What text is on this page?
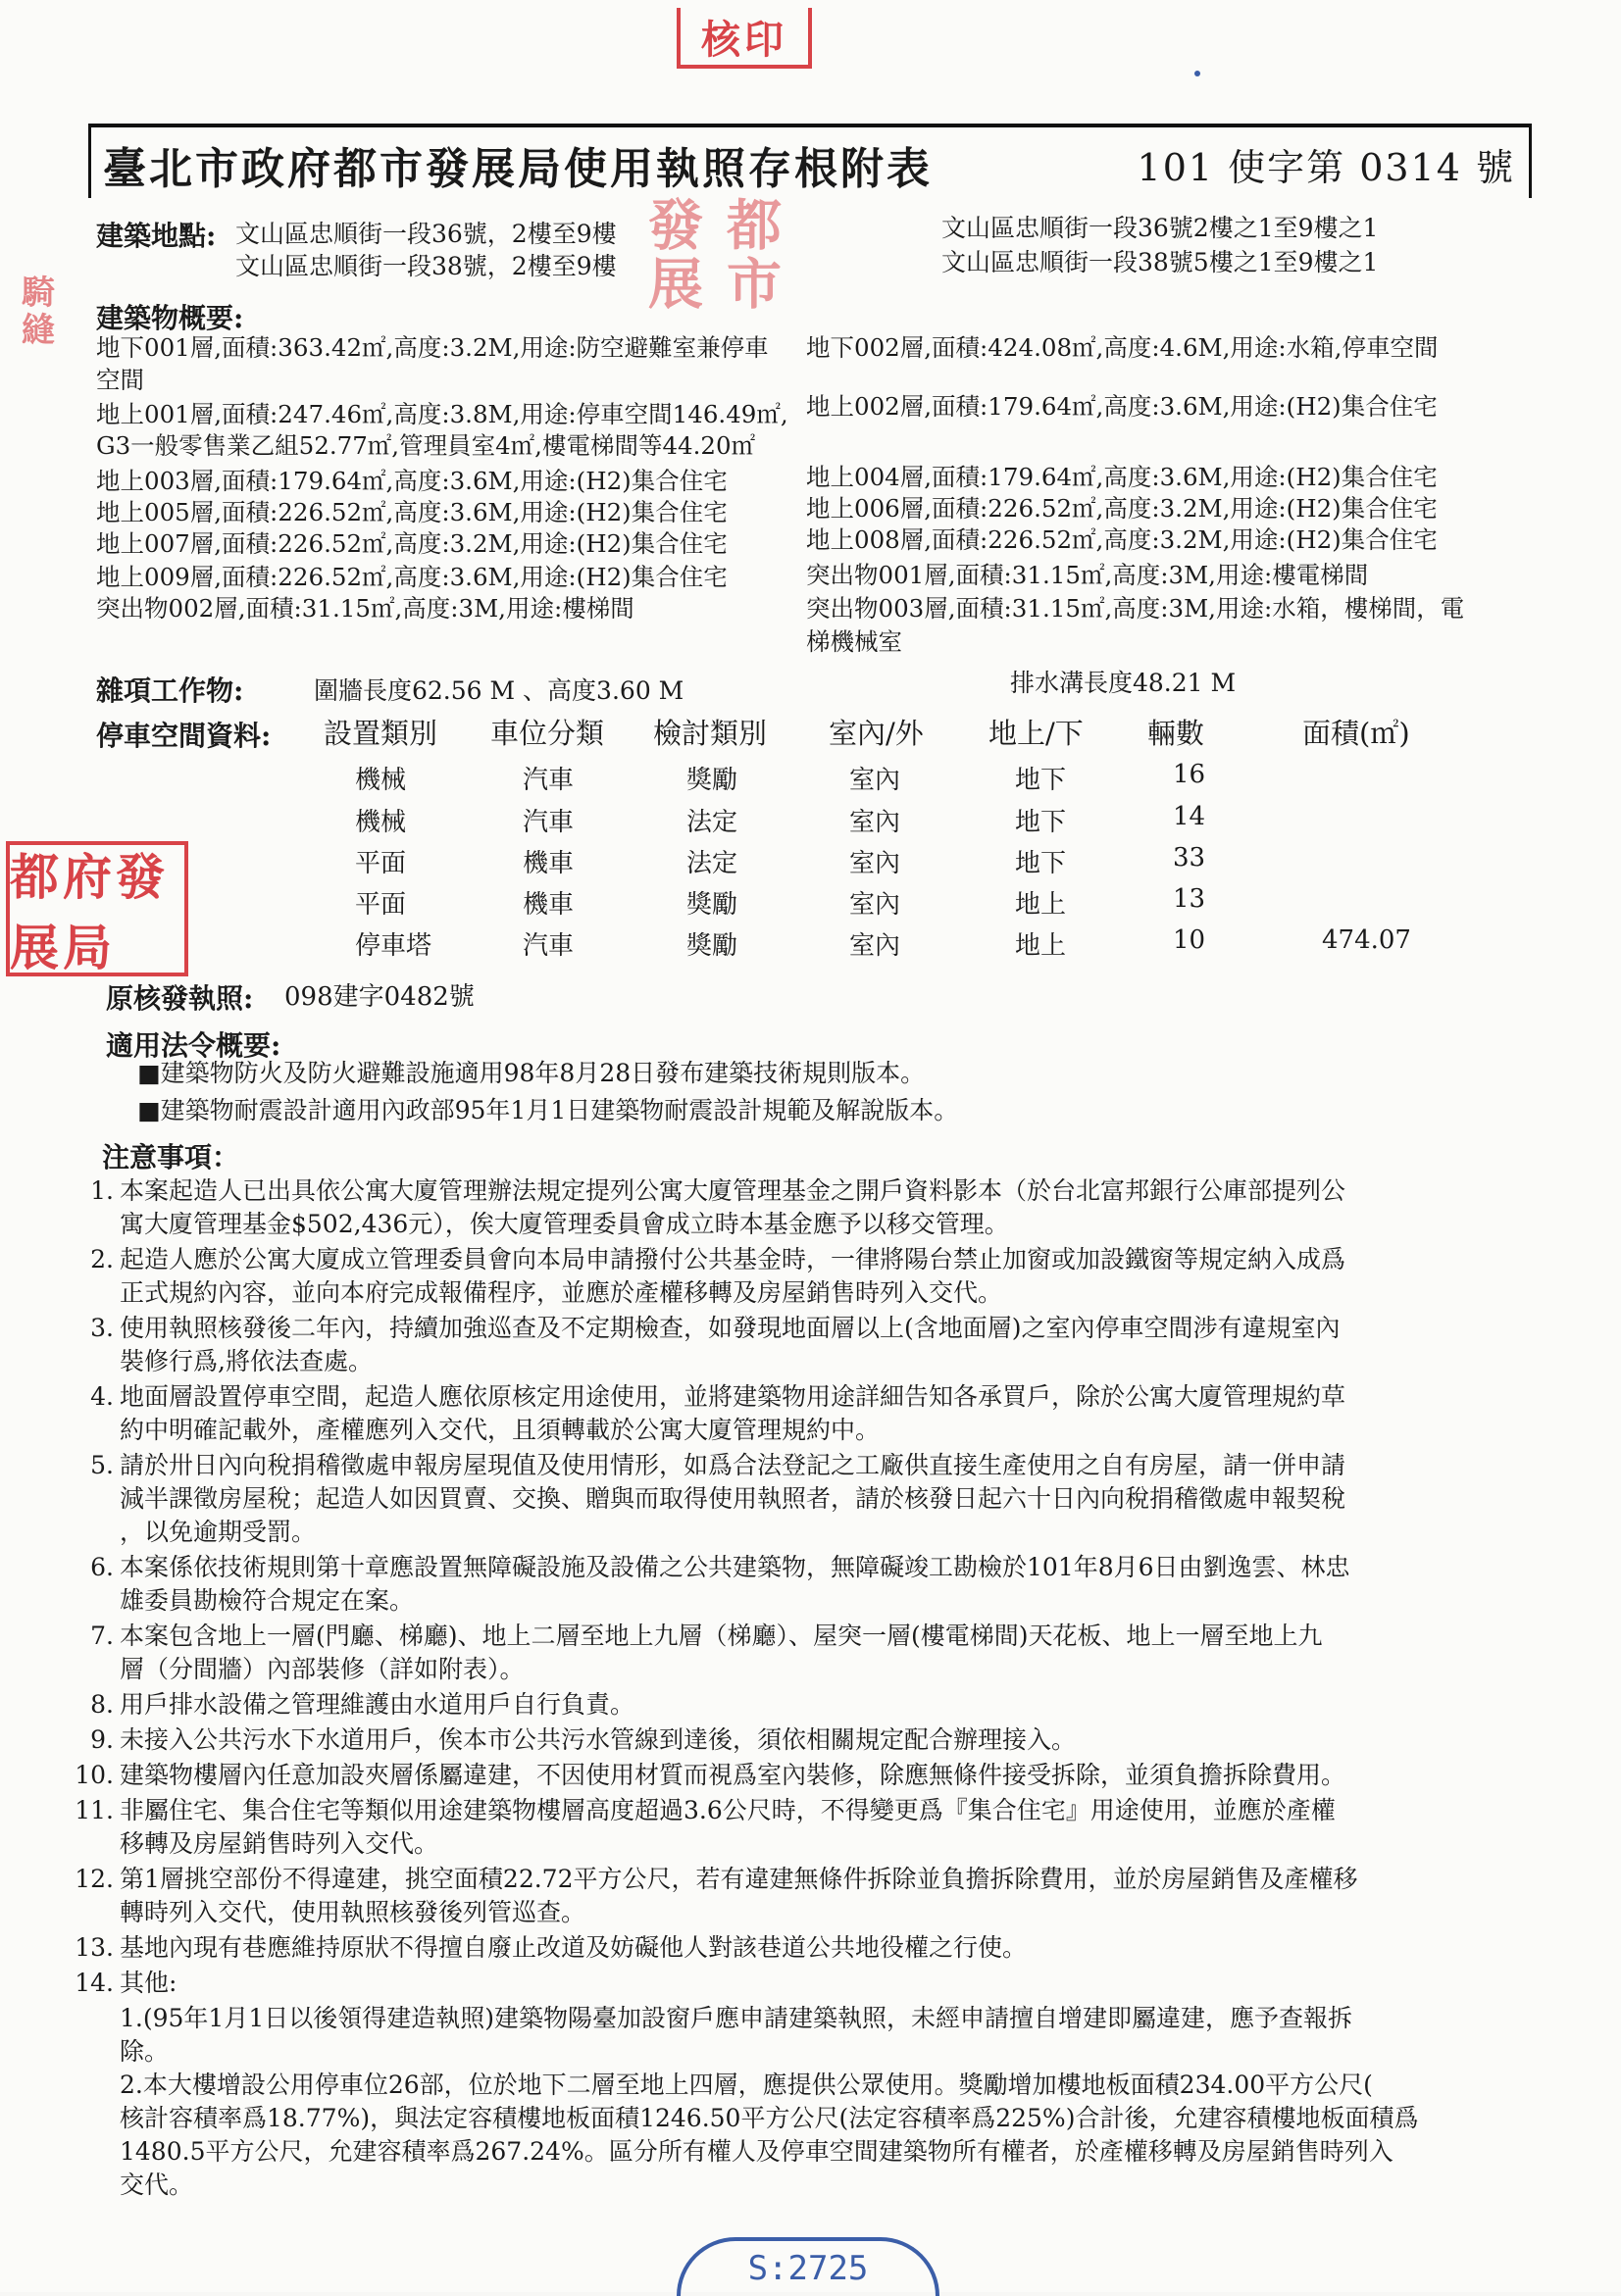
核印
都市發展
都府發展局
騎縫
S:2725
臺北市政府都市發展局使用執照存根附表	101 使字第 0314 號
建築地點: 文山區忠順街一段36號，2樓至9樓
文山區忠順街一段38號，2樓至9樓
文山區忠順街一段36號2樓之1至9樓之1
文山區忠順街一段38號5樓之1至9樓之1
建築物概要:
雜項工作物:	圍牆長度62.56 M 、高度3.60 M	排水溝長度48.21 M
停車空間資料:
原核發執照: 098建字0482號
適用法令概要:
■建築物防火及防火避難設施適用98年8月28日發布建築技術規則版本。
■建築物耐震設計適用內政部95年1月1日建築物耐震設計規範及解說版本。
注意事項：
1. 本案起造人已出具依公寓大廈管理辦法規定提列公寓大廈管理基金之開戶資料影本（於台北富邦銀行公庫部提列公
寓大廈管理基金$502,436元），俟大廈管理委員會成立時本基金應予以移交管理。
2. 起造人應於公寓大廈成立管理委員會向本局申請撥付公共基金時，一律將陽台禁止加窗或加設鐵窗等規定納入成爲
正式規約內容，並向本府完成報備程序，並應於產權移轉及房屋銷售時列入交代。
3. 使用執照核發後二年內，持續加強巡查及不定期檢查，如發現地面層以上(含地面層)之室內停車空間涉有違規室內
裝修行爲,將依法查處。
4. 地面層設置停車空間，起造人應依原核定用途使用，並將建築物用途詳細告知各承買戶，除於公寓大廈管理規約草
約中明確記載外，產權應列入交代，且須轉載於公寓大廈管理規約中。
5. 請於卅日內向稅捐稽徵處申報房屋現值及使用情形，如爲合法登記之工廠供直接生產使用之自有房屋，請一併申請
減半課徵房屋稅；起造人如因買賣、交換、贈與而取得使用執照者，請於核發日起六十日內向稅捐稽徵處申報契稅
，以免逾期受罰。
6. 本案係依技術規則第十章應設置無障礙設施及設備之公共建築物，無障礙竣工勘檢於101年8月6日由劉逸雲、林忠
雄委員勘檢符合規定在案。
7. 本案包含地上一層(門廳、梯廳)、地上二層至地上九層（梯廳）、屋突一層(樓電梯間)天花板、地上一層至地上九
層（分間牆）內部裝修（詳如附表）。
8. 用戶排水設備之管理維護由水道用戶自行負責。
9. 未接入公共污水下水道用戶，俟本市公共污水管線到達後，須依相關規定配合辦理接入。
10. 建築物樓層內任意加設夾層係屬違建，不因使用材質而視爲室內裝修，除應無條件接受拆除，並須負擔拆除費用。
11. 非屬住宅、集合住宅等類似用途建築物樓層高度超過3.6公尺時，不得變更爲『集合住宅』用途使用，並應於產權
移轉及房屋銷售時列入交代。
12. 第1層挑空部份不得違建，挑空面積22.72平方公尺，若有違建無條件拆除並負擔拆除費用，並於房屋銷售及產權移
轉時列入交代，使用執照核發後列管巡查。
13. 基地內現有巷應維持原狀不得擅自廢止改道及妨礙他人對該巷道公共地役權之行使。
14. 其他:
1.(95年1月1日以後領得建造執照)建築物陽臺加設窗戶應申請建築執照，未經申請擅自增建即屬違建，應予查報拆
除。
2.本大樓增設公用停車位26部，位於地下二層至地上四層，應提供公眾使用。獎勵增加樓地板面積234.00平方公尺(
核計容積率爲18.77%)，與法定容積樓地板面積1246.50平方公尺(法定容積率爲225%)合計後，允建容積樓地板面積爲
1480.5平方公尺，允建容積率爲267.24%。區分所有權人及停車空間建築物所有權者，於產權移轉及房屋銷售時列入
交代。
地下001層,面積:363.42㎡,高度:3.2M,用途:防空避難室兼停車
空間
地上001層,面積:247.46㎡,高度:3.8M,用途:停車空間146.49㎡,
G3一般零售業乙組52.77㎡,管理員室4㎡,樓電梯間等44.20㎡
地上003層,面積:179.64㎡,高度:3.6M,用途:(H2)集合住宅
地上005層,面積:226.52㎡,高度:3.6M,用途:(H2)集合住宅
地上007層,面積:226.52㎡,高度:3.2M,用途:(H2)集合住宅
地上009層,面積:226.52㎡,高度:3.6M,用途:(H2)集合住宅
突出物002層,面積:31.15㎡,高度:3M,用途:樓梯間
地下002層,面積:424.08㎡,高度:4.6M,用途:水箱,停車空間
地上002層,面積:179.64㎡,高度:3.6M,用途:(H2)集合住宅
地上004層,面積:179.64㎡,高度:3.6M,用途:(H2)集合住宅
地上006層,面積:226.52㎡,高度:3.2M,用途:(H2)集合住宅
地上008層,面積:226.52㎡,高度:3.2M,用途:(H2)集合住宅
突出物001層,面積:31.15㎡,高度:3M,用途:樓電梯間
突出物003層,面積:31.15㎡,高度:3M,用途:水箱，樓梯間，電
梯機械室
設置類別	車位分類	檢討類別	室內/外	地上/下	輛數	面積(㎡)
機械	汽車	獎勵	室內	地下	16
機械	汽車	法定	室內	地下	14
平面	機車	法定	室內	地下	33
平面	機車	獎勵	室內	地上	13
停車塔	汽車	獎勵	室內	地上	10	474.07
